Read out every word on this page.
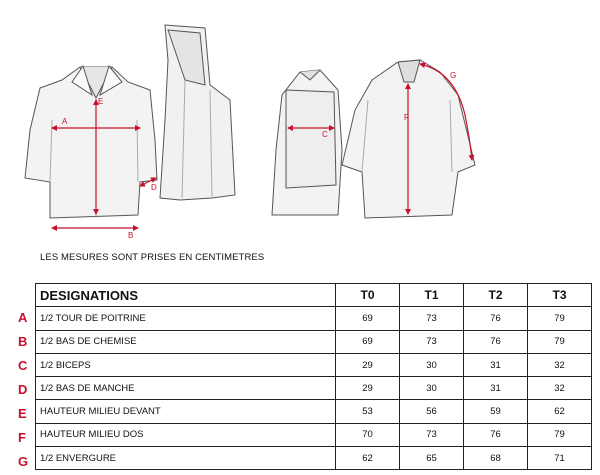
A
E
B
D
C
F
G
LES MESURES SONT PRISES EN CENTIMETRES
A
B
C
D
E
F
G
DESIGNATIONS	T0	T1	T2	T3
1/2 TOUR DE POITRINE	69	73	76	79
1/2 BAS DE CHEMISE	69	73	76	79
1/2 BICEPS	29	30	31	32
1/2 BAS DE MANCHE	29	30	31	32
HAUTEUR MILIEU DEVANT	53	56	59	62
HAUTEUR MILIEU DOS	70	73	76	79
1/2 ENVERGURE	62	65	68	71
